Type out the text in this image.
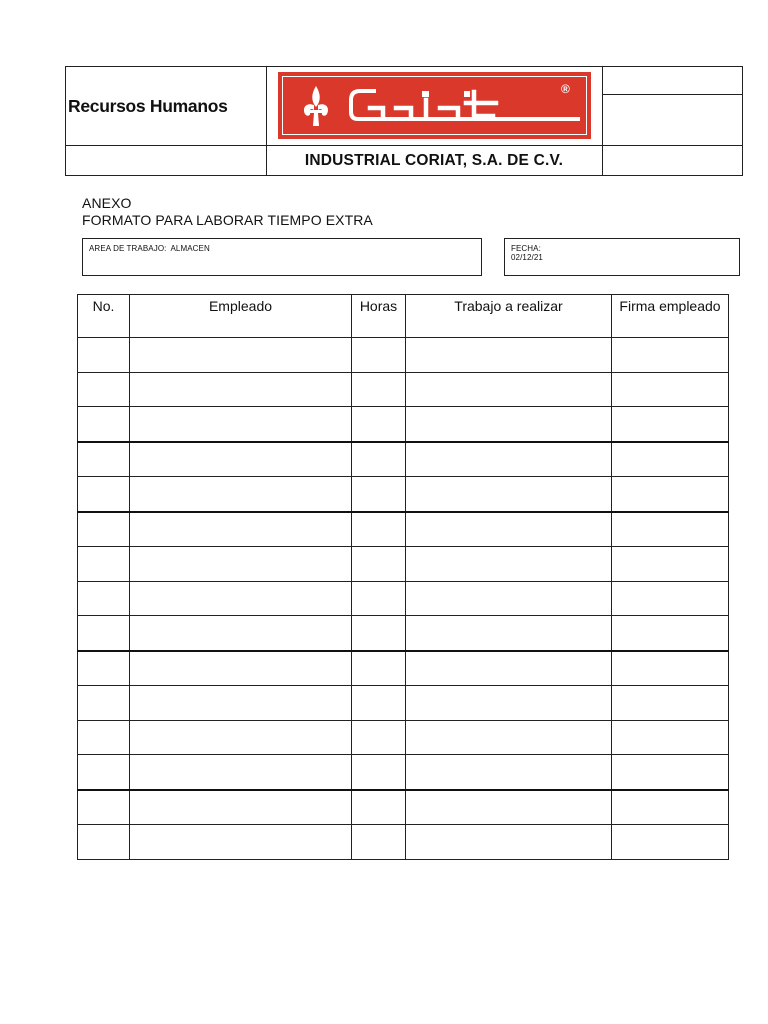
Recursos Humanos
®
INDUSTRIAL CORIAT, S.A. DE C.V.
ANEXO
FORMATO PARA LABORAR TIEMPO EXTRA
AREA DE TRABAJO: ALMACEN	FECHA:
02/12/21
No.	Empleado	Horas	Trabajo a realizar	Firma empleado
